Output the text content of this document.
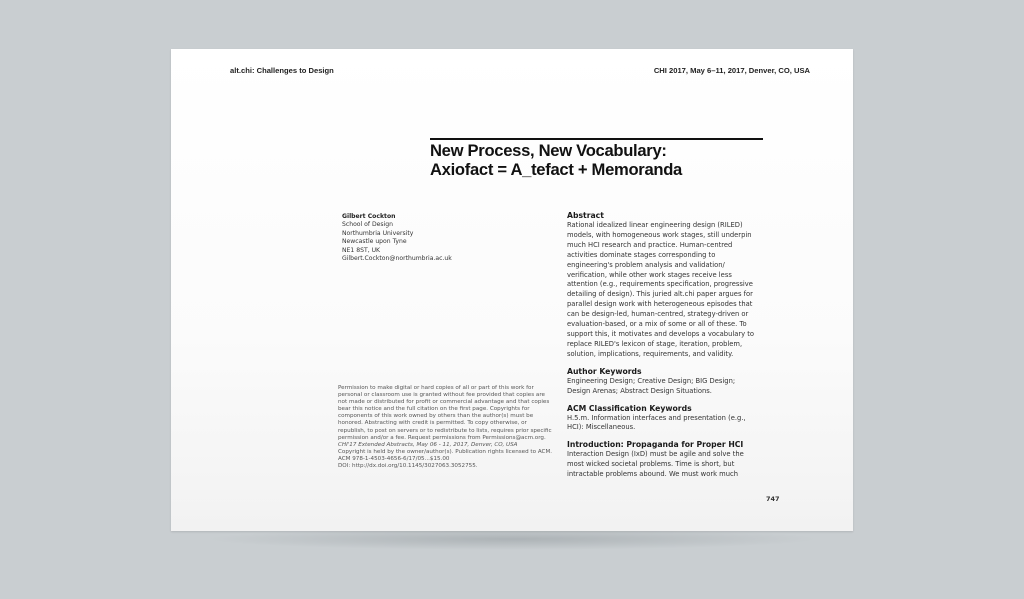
alt.chi: Challenges to Design	CHI 2017, May 6–11, 2017, Denver, CO, USA
New Process, New Vocabulary:
Axiofact = A_tefact + Memoranda
Gilbert Cockton
School of Design
Northumbria University
Newcastle upon Tyne
NE1 8ST, UK
Gilbert.Cockton@northumbria.ac.uk
Permission to make digital or hard copies of all or part of this work for
personal or classroom use is granted without fee provided that copies are
not made or distributed for profit or commercial advantage and that copies
bear this notice and the full citation on the first page. Copyrights for
components of this work owned by others than the author(s) must be
honored. Abstracting with credit is permitted. To copy otherwise, or
republish, to post on servers or to redistribute to lists, requires prior specific
permission and/or a fee. Request permissions from Permissions@acm.org.
CHI'17 Extended Abstracts, May 06 - 11, 2017, Denver, CO, USA
Copyright is held by the owner/author(s). Publication rights licensed to ACM.
ACM 978-1-4503-4656-6/17/05...$15.00
DOI: http://dx.doi.org/10.1145/3027063.3052755.
Abstract

Rational idealized linear engineering design (RILED)
models, with homogeneous work stages, still underpin
much HCI research and practice. Human-centred
activities dominate stages corresponding to
engineering's problem analysis and validation/
verification, while other work stages receive less
attention (e.g., requirements specification, progressive
detailing of design). This juried alt.chi paper argues for
parallel design work with heterogeneous episodes that
can be design-led, human-centred, strategy-driven or
evaluation-based, or a mix of some or all of these. To
support this, it motivates and develops a vocabulary to
replace RILED's lexicon of stage, iteration, problem,
solution, implications, requirements, and validity.

Author Keywords

Engineering Design; Creative Design; BIG Design;
Design Arenas; Abstract Design Situations.

ACM Classification Keywords

H.5.m. Information interfaces and presentation (e.g.,
HCI): Miscellaneous.

Introduction: Propaganda for Proper HCI

Interaction Design (IxD) must be agile and solve the
most wicked societal problems. Time is short, but
intractable problems abound. We must work much

747
